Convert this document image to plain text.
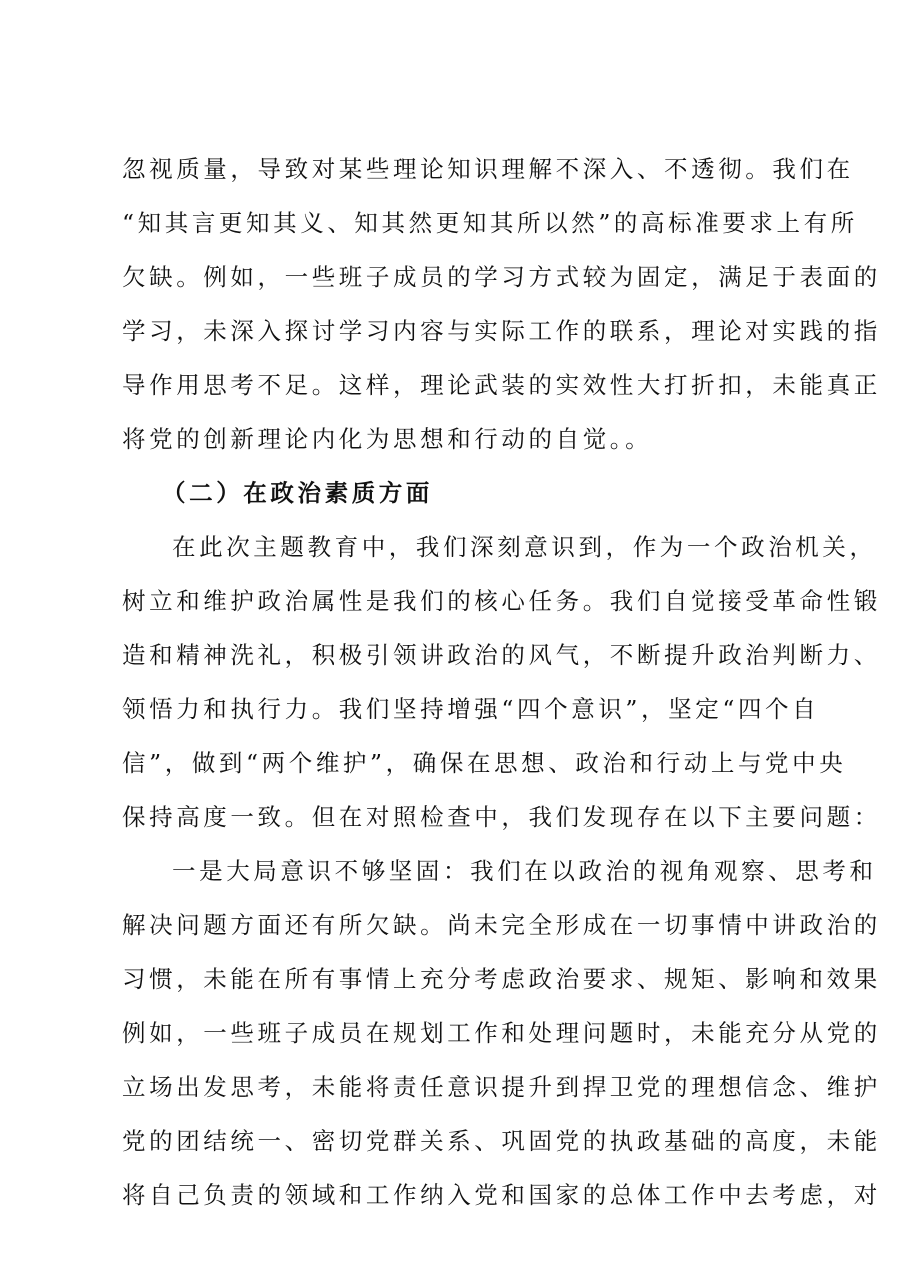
忽视质量，导致对某些理论知识理解不深入、不透彻。我们在
“知其言更知其义、知其然更知其所以然”的高标准要求上有所
欠缺。例如，一些班子成员的学习方式较为固定，满足于表面的
学习，未深入探讨学习内容与实际工作的联系，理论对实践的指
导作用思考不足。这样，理论武装的实效性大打折扣，未能真正
将党的创新理论内化为思想和行动的自觉。。
（二）在政治素质方面
在此次主题教育中，我们深刻意识到，作为一个政治机关，
树立和维护政治属性是我们的核心任务。我们自觉接受革命性锻
造和精神洗礼，积极引领讲政治的风气，不断提升政治判断力、
领悟力和执行力。我们坚持增强“四个意识”，坚定“四个自
信”，做到“两个维护”，确保在思想、政治和行动上与党中央
保持高度一致。但在对照检查中，我们发现存在以下主要问题：
一是大局意识不够坚固：我们在以政治的视角观察、思考和
解决问题方面还有所欠缺。尚未完全形成在一切事情中讲政治的
习惯，未能在所有事情上充分考虑政治要求、规矩、影响和效果
例如，一些班子成员在规划工作和处理问题时，未能充分从党的
立场出发思考，未能将责任意识提升到捍卫党的理想信念、维护
党的团结统一、密切党群关系、巩固党的执政基础的高度，未能
将自己负责的领域和工作纳入党和国家的总体工作中去考虑，对
